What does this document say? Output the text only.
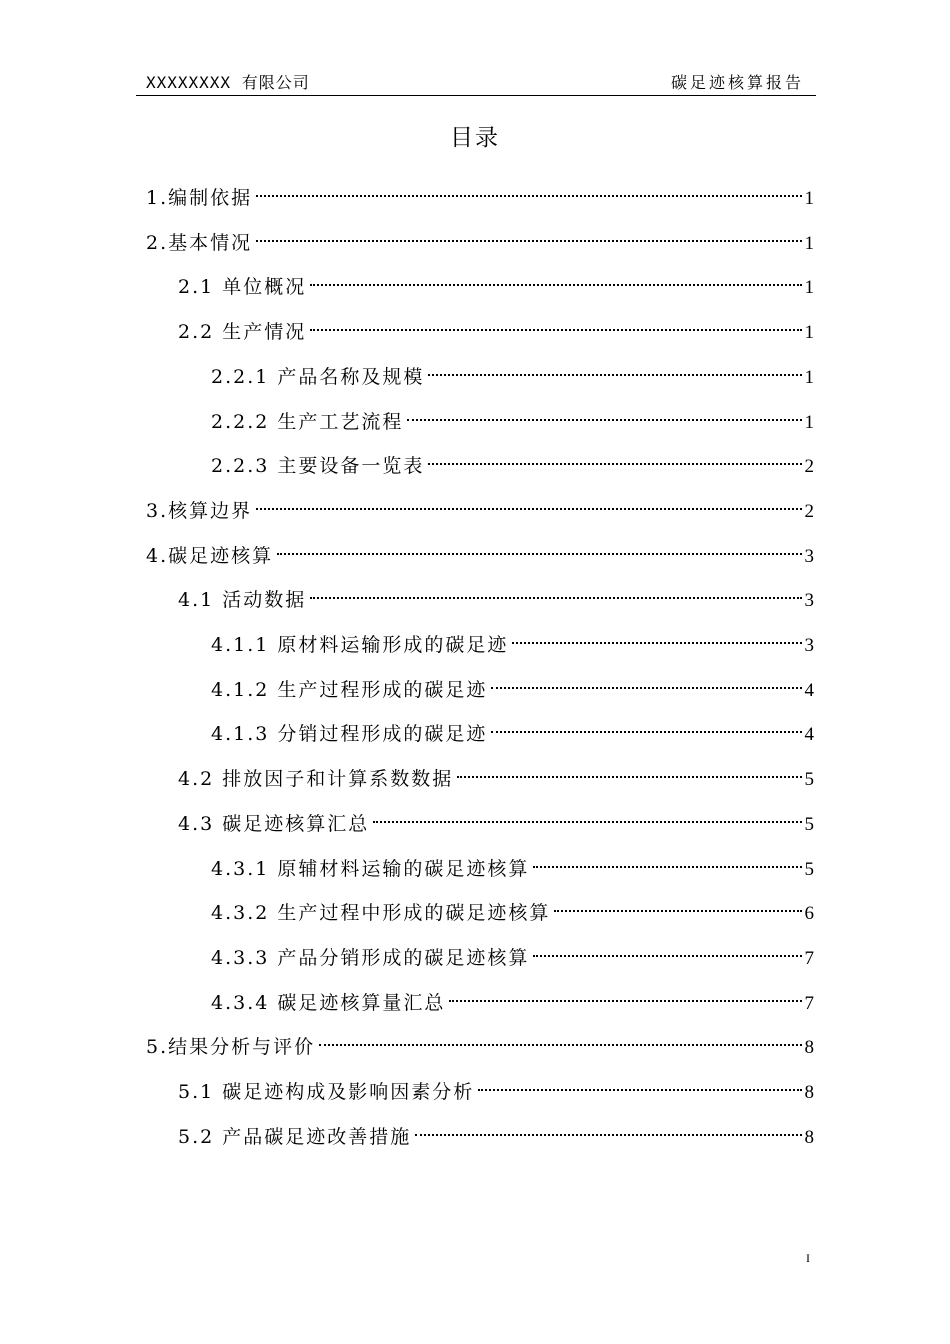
XXXXXXXX 有限公司	碳足迹核算报告
目录
1.编制依据	1
2.基本情况	1
2.1 单位概况	1
2.2 生产情况	1
2.2.1 产品名称及规模	1
2.2.2 生产工艺流程	1
2.2.3 主要设备一览表	2
3.核算边界	2
4.碳足迹核算	3
4.1 活动数据	3
4.1.1 原材料运输形成的碳足迹	3
4.1.2 生产过程形成的碳足迹	4
4.1.3 分销过程形成的碳足迹	4
4.2 排放因子和计算系数数据	5
4.3 碳足迹核算汇总	5
4.3.1 原辅材料运输的碳足迹核算	5
4.3.2 生产过程中形成的碳足迹核算	6
4.3.3 产品分销形成的碳足迹核算	7
4.3.4 碳足迹核算量汇总	7
5.结果分析与评价	8
5.1 碳足迹构成及影响因素分析	8
5.2 产品碳足迹改善措施	8
I
